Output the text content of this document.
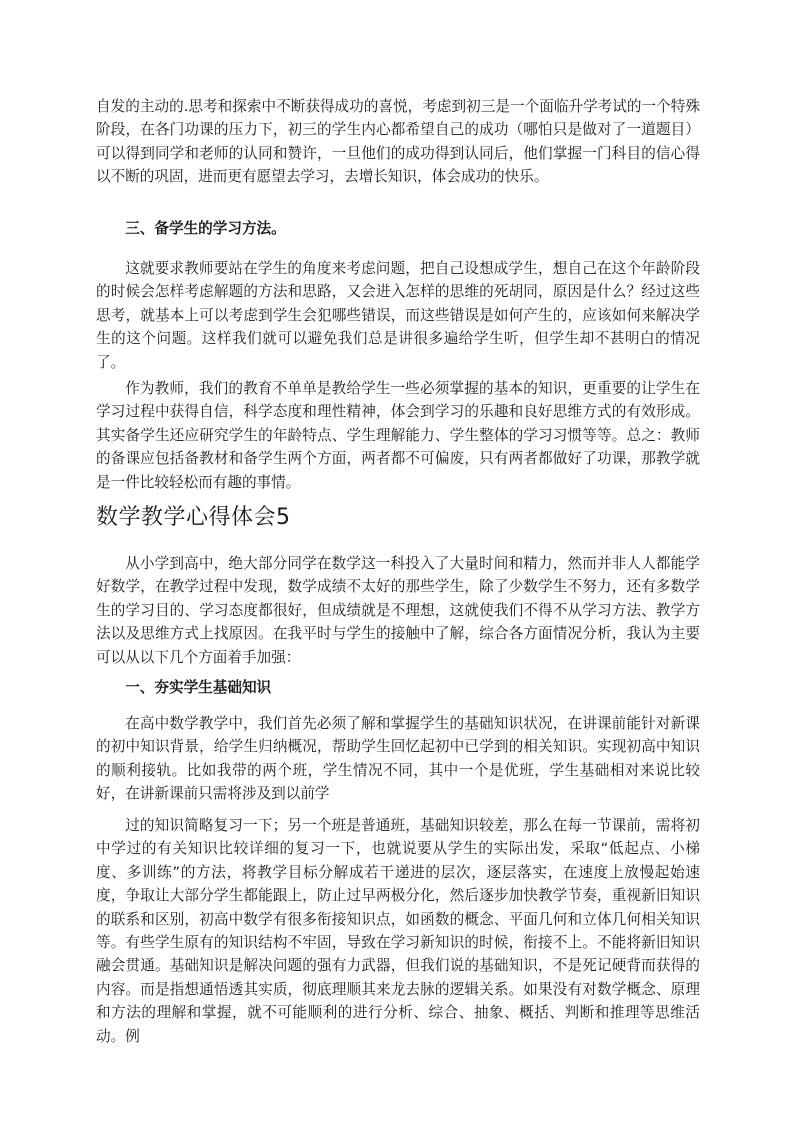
自发的主动的.思考和探索中不断获得成功的喜悦，考虑到初三是一个面临升学考试的一个特殊阶段，在各门功课的压力下，初三的学生内心都希望自己的成功（哪怕只是做对了一道题目）可以得到同学和老师的认同和赞许，一旦他们的成功得到认同后，他们掌握一门科目的信心得以不断的巩固，进而更有愿望去学习，去增长知识，体会成功的快乐。

三、备学生的学习方法。

这就要求教师要站在学生的角度来考虑问题，把自己设想成学生，想自己在这个年龄阶段的时候会怎样考虑解题的方法和思路，又会进入怎样的思维的死胡同，原因是什么？经过这些思考，就基本上可以考虑到学生会犯哪些错误，而这些错误是如何产生的，应该如何来解决学生的这个问题。这样我们就可以避免我们总是讲很多遍给学生听，但学生却不甚明白的情况了。

作为教师，我们的教育不单单是教给学生一些必须掌握的基本的知识，更重要的让学生在学习过程中获得自信，科学态度和理性精神，体会到学习的乐趣和良好思维方式的有效形成。其实备学生还应研究学生的年龄特点、学生理解能力、学生整体的学习习惯等等。总之：教师的备课应包括备教材和备学生两个方面，两者都不可偏废，只有两者都做好了功课，那教学就是一件比较轻松而有趣的事情。

数学教学心得体会5

从小学到高中，绝大部分同学在数学这一科投入了大量时间和精力，然而并非人人都能学好数学，在教学过程中发现，数学成绩不太好的那些学生，除了少数学生不努力，还有多数学生的学习目的、学习态度都很好，但成绩就是不理想，这就使我们不得不从学习方法、教学方法以及思维方式上找原因。在我平时与学生的接触中了解，综合各方面情况分析，我认为主要可以从以下几个方面着手加强：

一、夯实学生基础知识

在高中数学教学中，我们首先必须了解和掌握学生的基础知识状况，在讲课前能针对新课的初中知识背景，给学生归纳概况，帮助学生回忆起初中已学到的相关知识。实现初高中知识的顺利接轨。比如我带的两个班，学生情况不同，其中一个是优班，学生基础相对来说比较好，在讲新课前只需将涉及到以前学

过的知识简略复习一下；另一个班是普通班，基础知识较差，那么在每一节课前，需将初中学过的有关知识比较详细的复习一下，也就说要从学生的实际出发，采取“低起点、小梯度、多训练”的方法，将教学目标分解成若干递进的层次，逐层落实，在速度上放慢起始速度，争取让大部分学生都能跟上，防止过早两极分化，然后逐步加快教学节奏，重视新旧知识的联系和区别，初高中数学有很多衔接知识点，如函数的概念、平面几何和立体几何相关知识等。有些学生原有的知识结构不牢固，导致在学习新知识的时候，衔接不上。不能将新旧知识融会贯通。基础知识是解决问题的强有力武器，但我们说的基础知识，不是死记硬背而获得的内容。而是指想通悟透其实质，彻底理顺其来龙去脉的逻辑关系。如果没有对数学概念、原理和方法的理解和掌握，就不可能顺利的进行分析、综合、抽象、概括、判断和推理等思维活动。例
